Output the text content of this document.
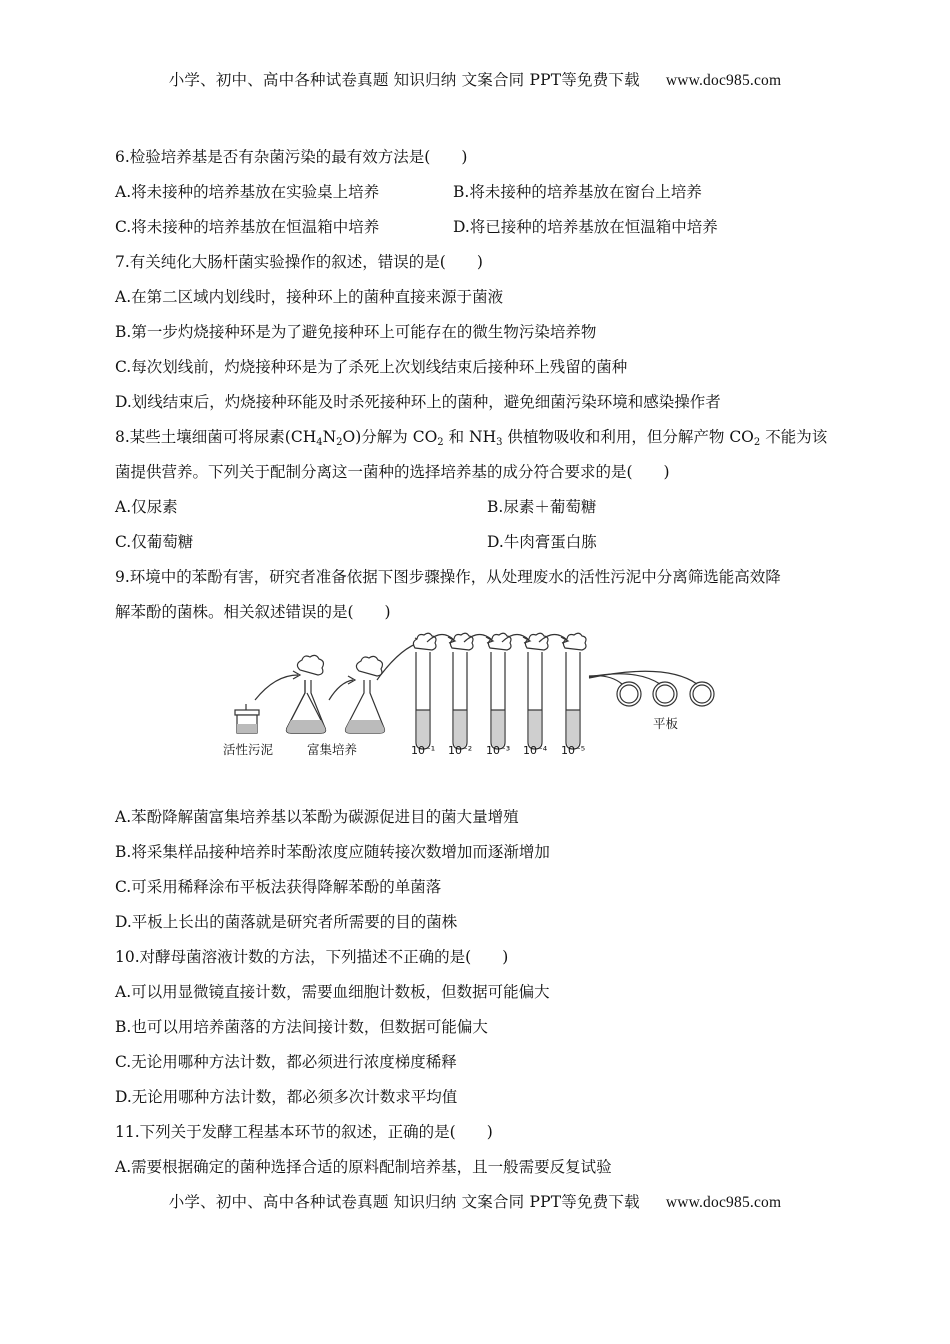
小学、初中、高中各种试卷真题 知识归纳 文案合同 PPT等免费下载 www.doc985.com
6.检验培养基是否有杂菌污染的最有效方法是(　　)
A.将未接种的培养基放在实验桌上培养	B.将未接种的培养基放在窗台上培养
C.将未接种的培养基放在恒温箱中培养	D.将已接种的培养基放在恒温箱中培养
7.有关纯化大肠杆菌实验操作的叙述，错误的是(　　)
A.在第二区域内划线时，接种环上的菌种直接来源于菌液
B.第一步灼烧接种环是为了避免接种环上可能存在的微生物污染培养物
C.每次划线前，灼烧接种环是为了杀死上次划线结束后接种环上残留的菌种
D.划线结束后，灼烧接种环能及时杀死接种环上的菌种，避免细菌污染环境和感染操作者
8.某些土壤细菌可将尿素$(CH_4N_2O)$分解为 $CO_2$ 和 $NH_3$ 供植物吸收和利用，但分解产物 $CO_2$ 不能为该
菌提供营养。下列关于配制分离这一菌种的选择培养基的成分符合要求的是(　　)
A.仅尿素	B.尿素＋葡萄糖
C.仅葡萄糖	D.牛肉膏蛋白胨
9.环境中的苯酚有害，研究者准备依据下图步骤操作，从处理废水的活性污泥中分离筛选能高效降
解苯酚的菌株。相关叙述错误的是(　　)
活性污泥	富集培养
平板
10⁻¹ 10⁻² 10⁻³ 10⁻⁴ 10⁻⁵
A.苯酚降解菌富集培养基以苯酚为碳源促进目的菌大量增殖
B.将采集样品接种培养时苯酚浓度应随转接次数增加而逐渐增加
C.可采用稀释涂布平板法获得降解苯酚的单菌落
D.平板上长出的菌落就是研究者所需要的目的菌株
10.对酵母菌溶液计数的方法，下列描述不正确的是(　　)
A.可以用显微镜直接计数，需要血细胞计数板，但数据可能偏大
B.也可以用培养菌落的方法间接计数，但数据可能偏大
C.无论用哪种方法计数，都必须进行浓度梯度稀释
D.无论用哪种方法计数，都必须多次计数求平均值
11.下列关于发酵工程基本环节的叙述，正确的是(　　)
A.需要根据确定的菌种选择合适的原料配制培养基，且一般需要反复试验
小学、初中、高中各种试卷真题 知识归纳 文案合同 PPT等免费下载 www.doc985.com
